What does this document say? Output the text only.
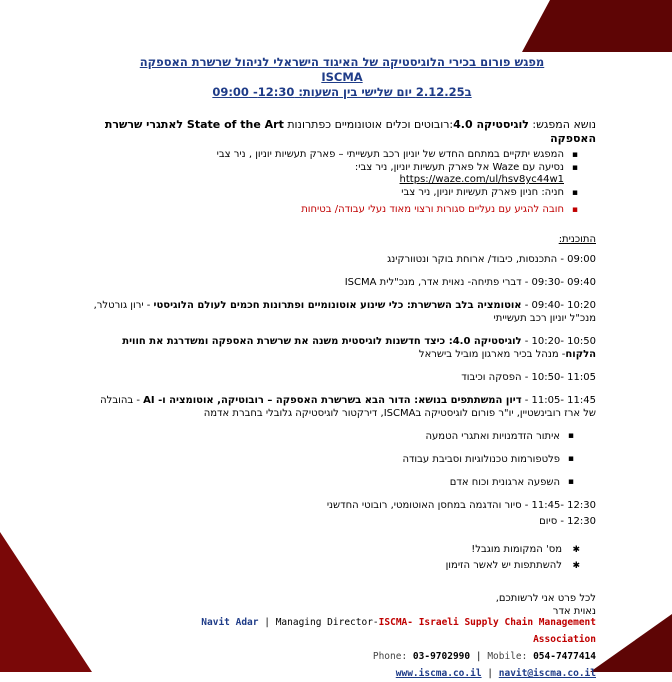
מפגש פורום בכירי הלוגיסטיקה של האיגוד הישראלי לניהול שרשרת האספקה
ISCMA
ב2.12.25 יום שלישי בין השעות: 12:30- 09:00
נושא המפגש: לוגיסטיקה 4.0:רובוטים וכלים אוטונומיים כפתרונות State of the Art לאתגרי שרשרת האספקה
▪ המפגש יתקיים במתחם החדש של יוניון רכב תעשייתי – פארק תעשיות יוניון , ניר צבי
▪ נסיעה עם Waze אל פארק תעשיות יוניון, ניר צבי:
https://waze.com/ul/hsv8yc44w1
▪ חניה: חניון פארק תעשיות יוניון, ניר צבי
▪ חובה להגיע עם נעליים סגורות ורצוי מאוד נעלי עבודה/ בטיחות
התוכנית:
09:00 - התכנסות, כיבוד/ ארוחת בוקר ונטוורקינג
09:40 -09:30 - דברי פתיחה- נאוית אדר, מנכ"לית ISCMA
10:20 -09:40 - אוטומציה בלב השרשרת: כלי שינוע אוטונומיים ופתרונות חכמים לעולם הלוגיסטי - ירון גורטלר, מנכ"ל יוניון רכב תעשייתי
10:50 -10:20 - לוגיסטיקה 4.0: כיצד חדשנות לוגיסטית משנה את שרשרת האספקה ומשדרגת את חווית הלקוח- מנהל בכיר מארגון מוביל בישראל
11:05 -10:50 - הפסקה וכיבוד
11:45 -11:05 - דיון המשתתפים בנושא: הדור הבא בשרשרת האספקה – רובוטיקה, אוטומציה ו- AI - בהובלה של ארז רובינשטיין, יו"ר פורום לוגיסטיקה בISCMA, דירקטור לוגיסטיקה גלובלי בחברת אדמה
▪ איתור הזדמנויות ואתגרי הטמעה
▪ פלטפורמות טכנולוגיות וסביבת עבודה
▪ השפעה ארגונית וכוח אדם
12:30 -11:45 - סיור והדגמה במחסן האוטומטי, רובוטי החדשני
12:30 - סיום
✱ מס' המקומות מוגבל!
✱ להשתתפות יש לאשר הזימון
לכל פרט אני לרשותכם,
נאוית אדר
Navit Adar | Managing Director-ISCMA- Israeli Supply Chain Management Association
Phone: 03-9702990 | Mobile: 054-7477414
www.iscma.co.il | navit@iscma.co.il
